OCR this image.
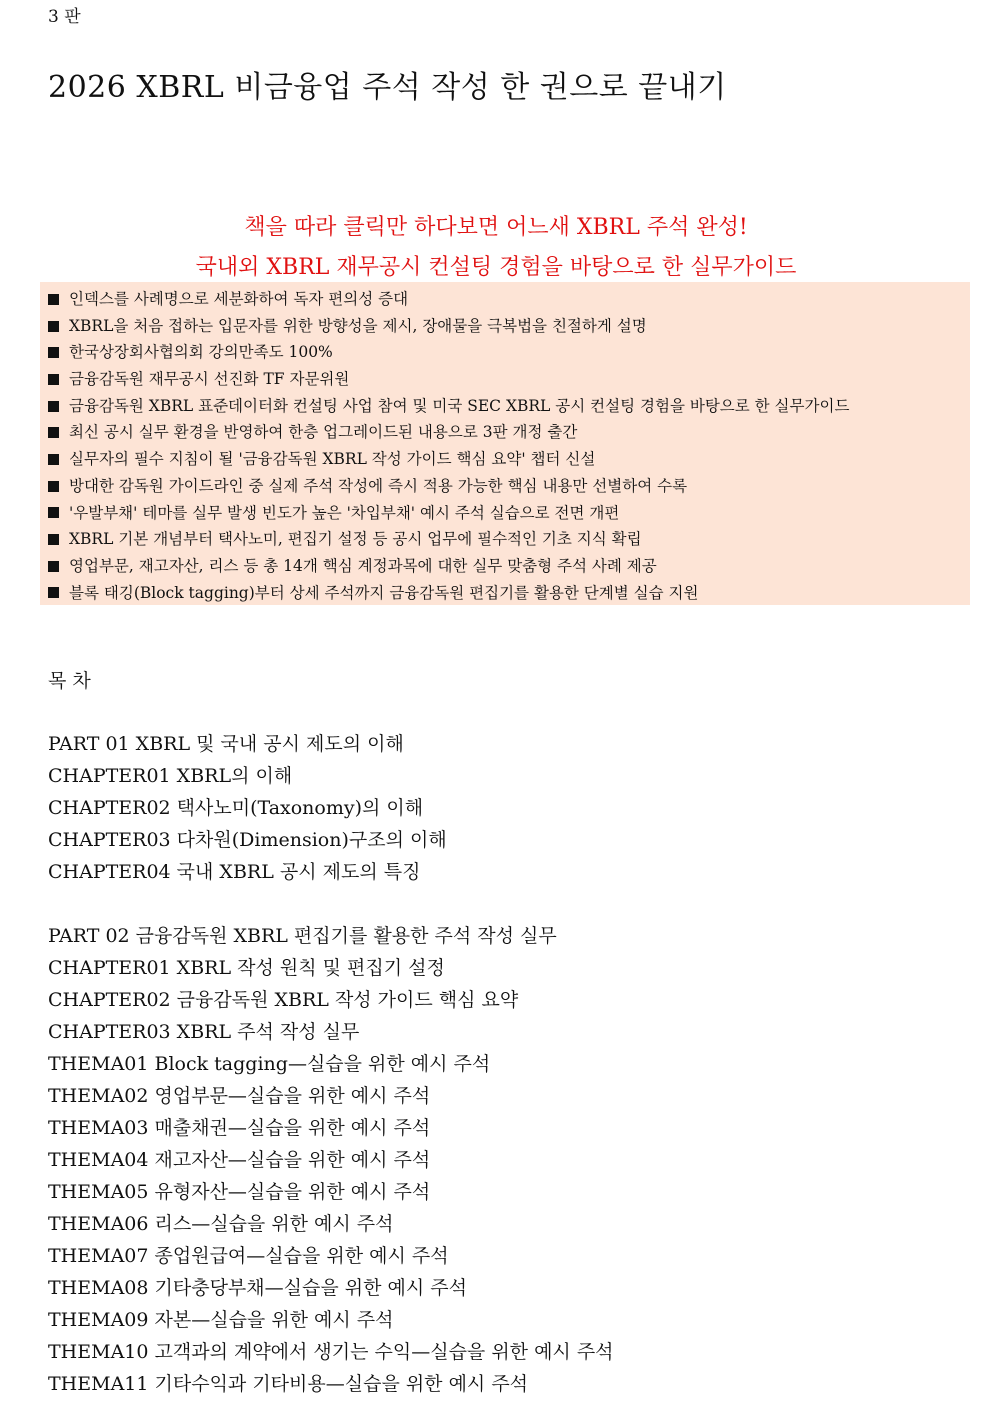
3 판
2026 XBRL 비금융업 주석 작성 한 권으로 끝내기
책을 따라 클릭만 하다보면 어느새 XBRL 주석 완성!
국내외 XBRL 재무공시 컨설팅 경험을 바탕으로 한 실무가이드
인덱스를 사례명으로 세분화하여 독자 편의성 증대
XBRL을 처음 접하는 입문자를 위한 방향성을 제시, 장애물을 극복법을 친절하게 설명
한국상장회사협의회 강의만족도 100%
금융감독원 재무공시 선진화 TF 자문위원
금융감독원 XBRL 표준데이터화 컨설팅 사업 참여 및 미국 SEC XBRL 공시 컨설팅 경험을 바탕으로 한 실무가이드
최신 공시 실무 환경을 반영하여 한층 업그레이드된 내용으로 3판 개정 출간
실무자의 필수 지침이 될 '금융감독원 XBRL 작성 가이드 핵심 요약' 챕터 신설
방대한 감독원 가이드라인 중 실제 주석 작성에 즉시 적용 가능한 핵심 내용만 선별하여 수록
'우발부채' 테마를 실무 발생 빈도가 높은 '차입부채' 예시 주석 실습으로 전면 개편
XBRL 기본 개념부터 택사노미, 편집기 설정 등 공시 업무에 필수적인 기초 지식 확립
영업부문, 재고자산, 리스 등 총 14개 핵심 계정과목에 대한 실무 맞춤형 주석 사례 제공
블록 태깅(Block tagging)부터 상세 주석까지 금융감독원 편집기를 활용한 단계별 실습 지원
목 차
PART 01 XBRL 및 국내 공시 제도의 이해
CHAPTER01 XBRL의 이해
CHAPTER02 택사노미(Taxonomy)의 이해
CHAPTER03 다차원(Dimension)구조의 이해
CHAPTER04 국내 XBRL 공시 제도의 특징
PART 02 금융감독원 XBRL 편집기를 활용한 주석 작성 실무
CHAPTER01 XBRL 작성 원칙 및 편집기 설정
CHAPTER02 금융감독원 XBRL 작성 가이드 핵심 요약
CHAPTER03 XBRL 주석 작성 실무
THEMA01 Block tagging—실습을 위한 예시 주석
THEMA02 영업부문—실습을 위한 예시 주석
THEMA03 매출채권—실습을 위한 예시 주석
THEMA04 재고자산—실습을 위한 예시 주석
THEMA05 유형자산—실습을 위한 예시 주석
THEMA06 리스—실습을 위한 예시 주석
THEMA07 종업원급여—실습을 위한 예시 주석
THEMA08 기타충당부채—실습을 위한 예시 주석
THEMA09 자본—실습을 위한 예시 주석
THEMA10 고객과의 계약에서 생기는 수익—실습을 위한 예시 주석
THEMA11 기타수익과 기타비용—실습을 위한 예시 주석
